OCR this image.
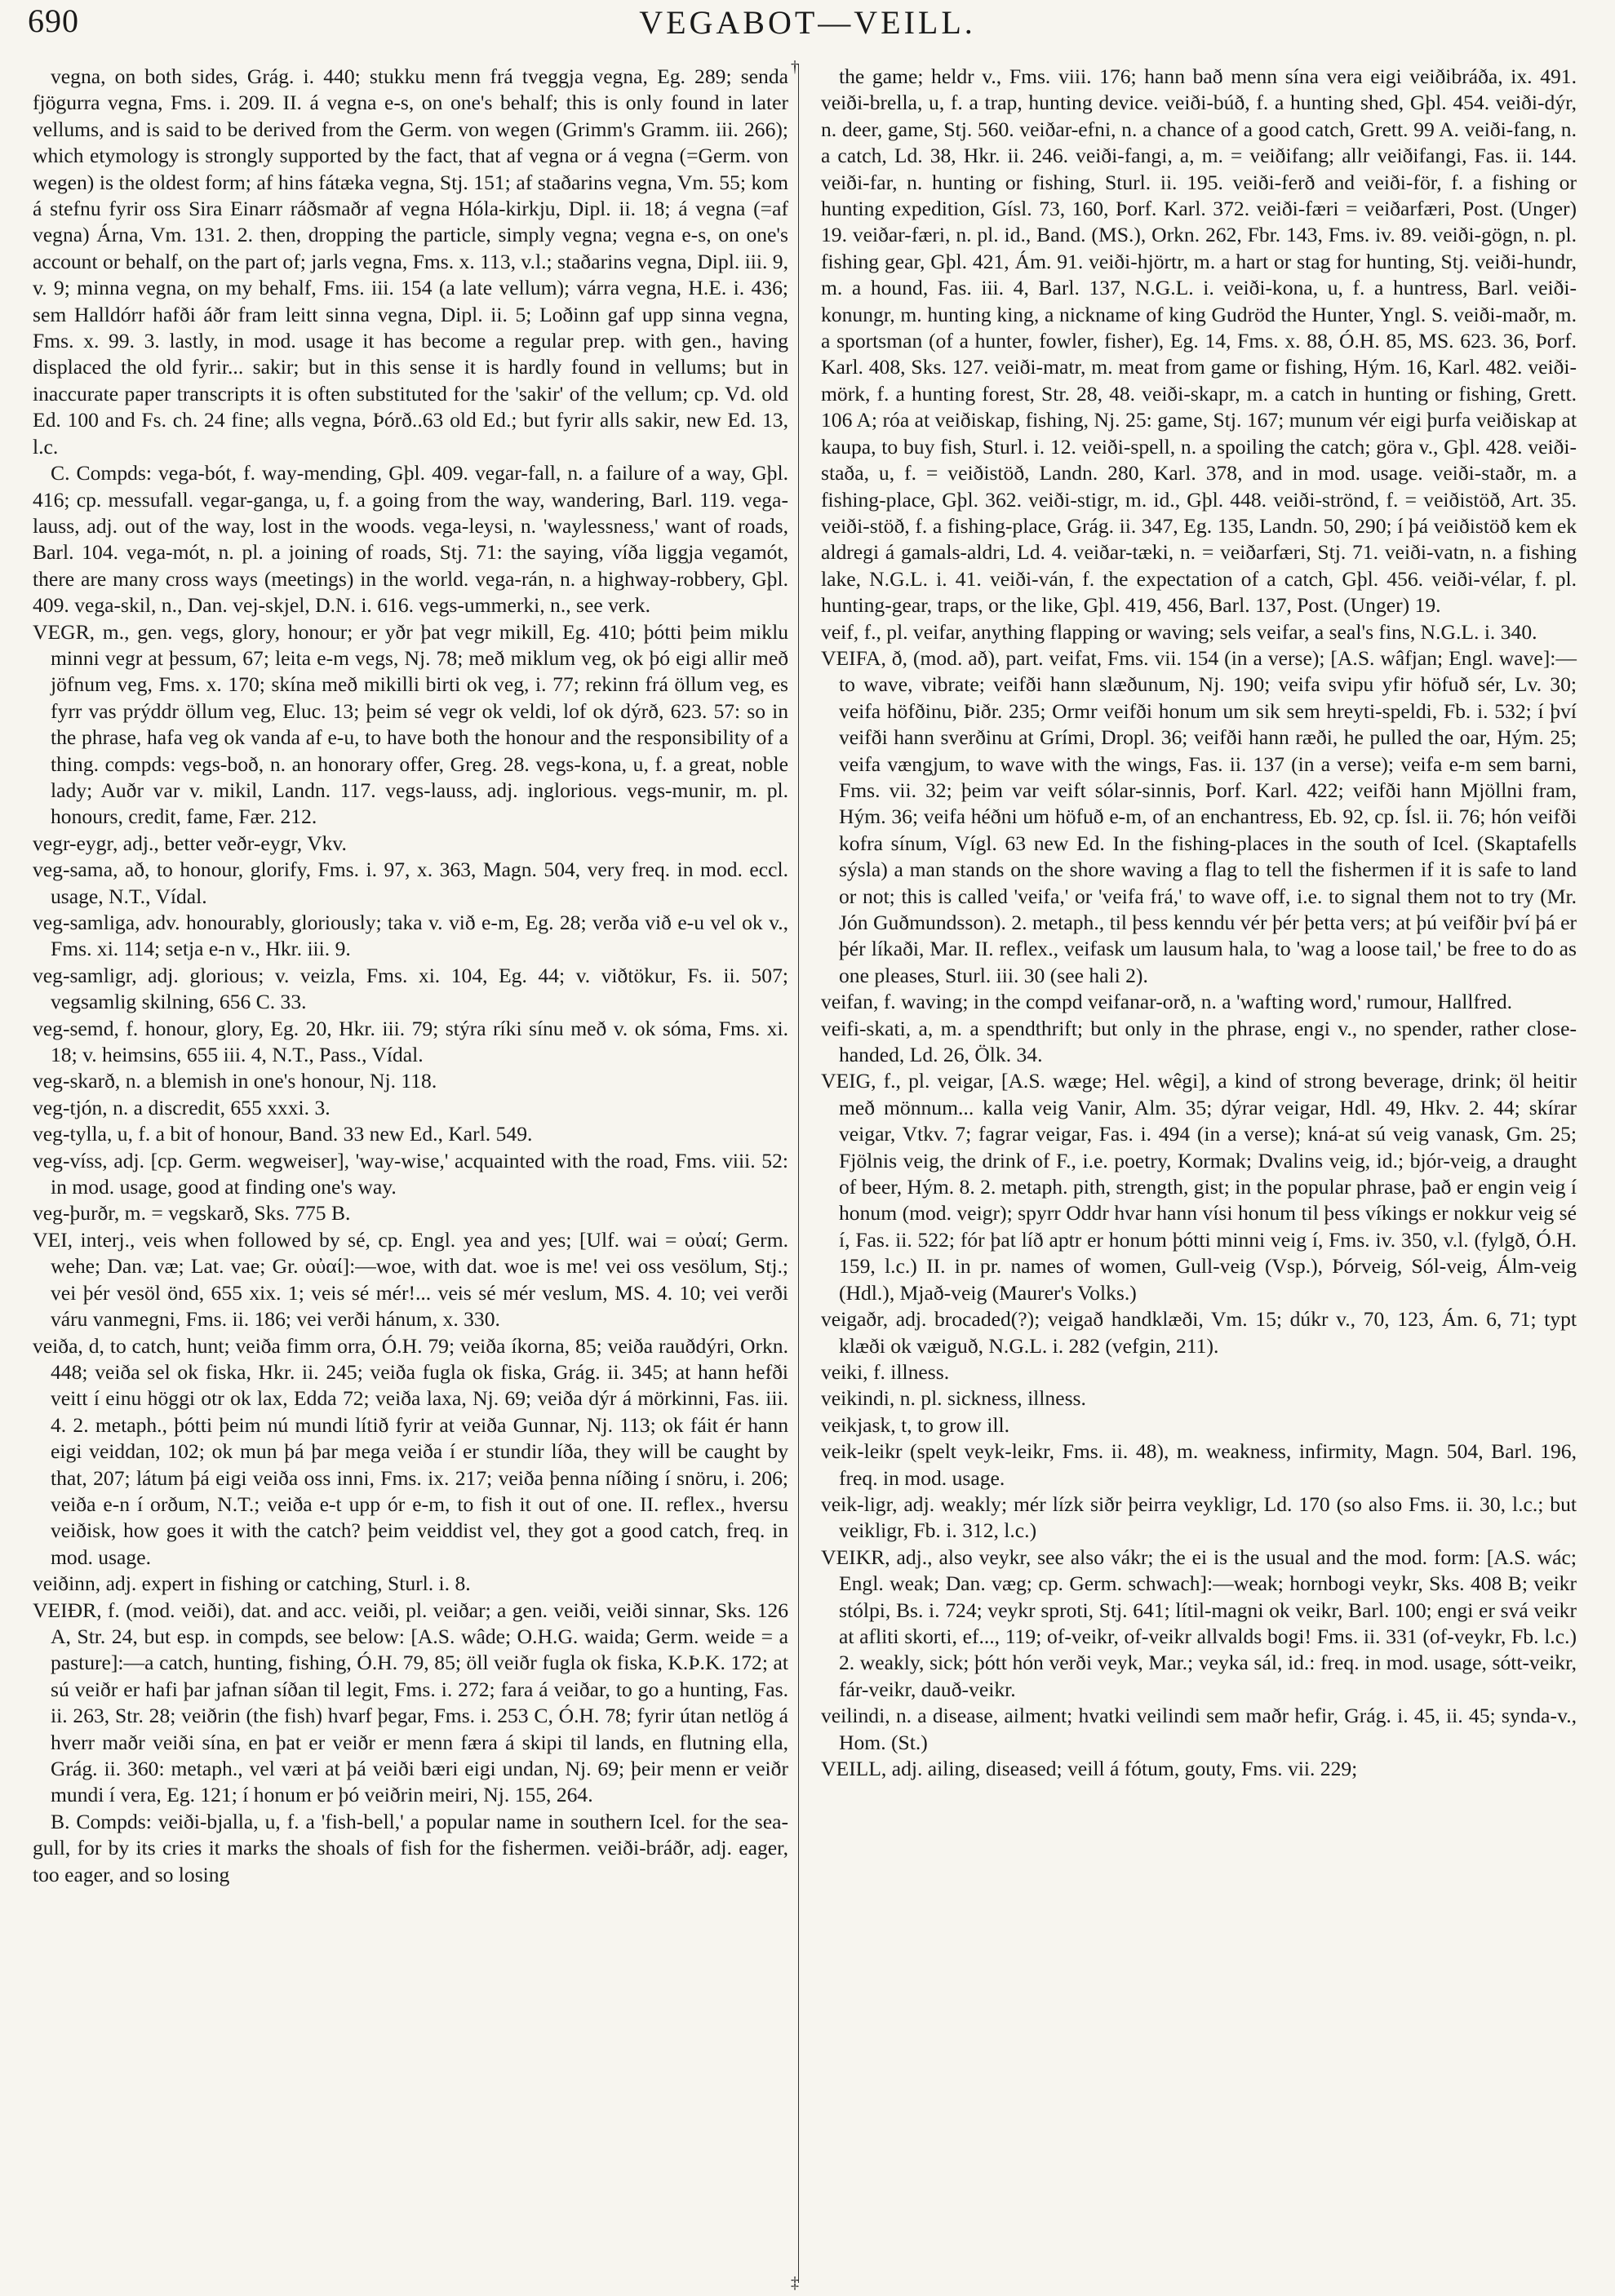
690	VEGABOT—VEILL.
†
‡

vegna, on both sides, Grág. i. 440; stukku menn frá tveggja vegna, Eg. 289; senda fjögurra vegna, Fms. i. 209. II. á vegna e-s, on one's behalf; this is only found in later vellums, and is said to be derived from the Germ. von wegen (Grimm's Gramm. iii. 266); which etymology is strongly supported by the fact, that af vegna or á vegna (=Germ. von wegen) is the oldest form; af hins fátæka vegna, Stj. 151; af staðarins vegna, Vm. 55; kom á stefnu fyrir oss Sira Einarr ráðsmaðr af vegna Hóla-kirkju, Dipl. ii. 18; á vegna (=af vegna) Árna, Vm. 131. 2. then, dropping the particle, simply vegna; vegna e-s, on one's account or behalf, on the part of; jarls vegna, Fms. x. 113, v.l.; staðarins vegna, Dipl. iii. 9, v. 9; minna vegna, on my behalf, Fms. iii. 154 (a late vellum); várra vegna, H.E. i. 436; sem Halldórr hafði áðr fram leitt sinna vegna, Dipl. ii. 5; Loðinn gaf upp sinna vegna, Fms. x. 99. 3. lastly, in mod. usage it has become a regular prep. with gen., having displaced the old fyrir... sakir; but in this sense it is hardly found in vellums; but in inaccurate paper transcripts it is often substituted for the 'sakir' of the vellum; cp. Vd. old Ed. 100 and Fs. ch. 24 fine; alls vegna, Þórð..63 old Ed.; but fyrir alls sakir, new Ed. 13, l.c.

C. Compds: vega-bót, f. way-mending, Gþl. 409. vegar-fall, n. a failure of a way, Gþl. 416; cp. messufall. vegar-ganga, u, f. a going from the way, wandering, Barl. 119. vega-lauss, adj. out of the way, lost in the woods. vega-leysi, n. 'waylessness,' want of roads, Barl. 104. vega-mót, n. pl. a joining of roads, Stj. 71: the saying, víða liggja vegamót, there are many cross ways (meetings) in the world. vega-rán, n. a highway-robbery, Gþl. 409. vega-skil, n., Dan. vej-skjel, D.N. i. 616. vegs-ummerki, n., see verk.

VEGR, m., gen. vegs, glory, honour; er yðr þat vegr mikill, Eg. 410; þótti þeim miklu minni vegr at þessum, 67; leita e-m vegs, Nj. 78; með miklum veg, ok þó eigi allir með jöfnum veg, Fms. x. 170; skína með mikilli birti ok veg, i. 77; rekinn frá öllum veg, es fyrr vas prýddr öllum veg, Eluc. 13; þeim sé vegr ok veldi, lof ok dýrð, 623. 57: so in the phrase, hafa veg ok vanda af e-u, to have both the honour and the responsibility of a thing. compds: vegs-boð, n. an honorary offer, Greg. 28. vegs-kona, u, f. a great, noble lady; Auðr var v. mikil, Landn. 117. vegs-lauss, adj. inglorious. vegs-munir, m. pl. honours, credit, fame, Fær. 212.

vegr-eygr, adj., better veðr-eygr, Vkv.

veg-sama, að, to honour, glorify, Fms. i. 97, x. 363, Magn. 504, very freq. in mod. eccl. usage, N.T., Vídal.

veg-samliga, adv. honourably, gloriously; taka v. við e-m, Eg. 28; verða við e-u vel ok v., Fms. xi. 114; setja e-n v., Hkr. iii. 9.

veg-samligr, adj. glorious; v. veizla, Fms. xi. 104, Eg. 44; v. viðtökur, Fs. ii. 507; vegsamlig skilning, 656 C. 33.

veg-semd, f. honour, glory, Eg. 20, Hkr. iii. 79; stýra ríki sínu með v. ok sóma, Fms. xi. 18; v. heimsins, 655 iii. 4, N.T., Pass., Vídal.

veg-skarð, n. a blemish in one's honour, Nj. 118.

veg-tjón, n. a discredit, 655 xxxi. 3.

veg-tylla, u, f. a bit of honour, Band. 33 new Ed., Karl. 549.

veg-víss, adj. [cp. Germ. wegweiser], 'way-wise,' acquainted with the road, Fms. viii. 52: in mod. usage, good at finding one's way.

veg-þurðr, m. = vegskarð, Sks. 775 B.

VEI, interj., veis when followed by sé, cp. Engl. yea and yes; [Ulf. wai = οὐαί; Germ. wehe; Dan. væ; Lat. vae; Gr. οὐαί]:—woe, with dat. woe is me! vei oss vesölum, Stj.; vei þér vesöl önd, 655 xix. 1; veis sé mér!... veis sé mér veslum, MS. 4. 10; vei verði váru vanmegni, Fms. ii. 186; vei verði hánum, x. 330.

veiða, d, to catch, hunt; veiða fimm orra, Ó.H. 79; veiða íkorna, 85; veiða rauðdýri, Orkn. 448; veiða sel ok fiska, Hkr. ii. 245; veiða fugla ok fiska, Grág. ii. 345; at hann hefði veitt í einu höggi otr ok lax, Edda 72; veiða laxa, Nj. 69; veiða dýr á mörkinni, Fas. iii. 4. 2. metaph., þótti þeim nú mundi lítið fyrir at veiða Gunnar, Nj. 113; ok fáit ér hann eigi veiddan, 102; ok mun þá þar mega veiða í er stundir líða, they will be caught by that, 207; látum þá eigi veiða oss inni, Fms. ix. 217; veiða þenna níðing í snöru, i. 206; veiða e-n í orðum, N.T.; veiða e-t upp ór e-m, to fish it out of one. II. reflex., hversu veiðisk, how goes it with the catch? þeim veiddist vel, they got a good catch, freq. in mod. usage.

veiðinn, adj. expert in fishing or catching, Sturl. i. 8.

VEIÐR, f. (mod. veiði), dat. and acc. veiði, pl. veiðar; a gen. veiði, veiði sinnar, Sks. 126 A, Str. 24, but esp. in compds, see below: [A.S. wâde; O.H.G. waida; Germ. weide = a pasture]:—a catch, hunting, fishing, Ó.H. 79, 85; öll veiðr fugla ok fiska, K.Þ.K. 172; at sú veiðr er hafi þar jafnan síðan til legit, Fms. i. 272; fara á veiðar, to go a hunting, Fas. ii. 263, Str. 28; veiðrin (the fish) hvarf þegar, Fms. i. 253 C, Ó.H. 78; fyrir útan netlög á hverr maðr veiði sína, en þat er veiðr er menn færa á skipi til lands, en flutning ella, Grág. ii. 360: metaph., vel væri at þá veiði bæri eigi undan, Nj. 69; þeir menn er veiðr mundi í vera, Eg. 121; í honum er þó veiðrin meiri, Nj. 155, 264.

B. Compds: veiði-bjalla, u, f. a 'fish-bell,' a popular name in southern Icel. for the sea-gull, for by its cries it marks the shoals of fish for the fishermen. veiði-bráðr, adj. eager, too eager, and so losing

the game; heldr v., Fms. viii. 176; hann bað menn sína vera eigi veiðibráða, ix. 491. veiði-brella, u, f. a trap, hunting device. veiði-búð, f. a hunting shed, Gþl. 454. veiði-dýr, n. deer, game, Stj. 560. veiðar-efni, n. a chance of a good catch, Grett. 99 A. veiði-fang, n. a catch, Ld. 38, Hkr. ii. 246. veiði-fangi, a, m. = veiðifang; allr veiðifangi, Fas. ii. 144. veiði-far, n. hunting or fishing, Sturl. ii. 195. veiði-ferð and veiði-för, f. a fishing or hunting expedition, Gísl. 73, 160, Þorf. Karl. 372. veiði-færi = veiðarfæri, Post. (Unger) 19. veiðar-færi, n. pl. id., Band. (MS.), Orkn. 262, Fbr. 143, Fms. iv. 89. veiði-gögn, n. pl. fishing gear, Gþl. 421, Ám. 91. veiði-hjörtr, m. a hart or stag for hunting, Stj. veiði-hundr, m. a hound, Fas. iii. 4, Barl. 137, N.G.L. i. veiði-kona, u, f. a huntress, Barl. veiði-konungr, m. hunting king, a nickname of king Gudröd the Hunter, Yngl. S. veiði-maðr, m. a sportsman (of a hunter, fowler, fisher), Eg. 14, Fms. x. 88, Ó.H. 85, MS. 623. 36, Þorf. Karl. 408, Sks. 127. veiði-matr, m. meat from game or fishing, Hým. 16, Karl. 482. veiði-mörk, f. a hunting forest, Str. 28, 48. veiði-skapr, m. a catch in hunting or fishing, Grett. 106 A; róa at veiðiskap, fishing, Nj. 25: game, Stj. 167; munum vér eigi þurfa veiðiskap at kaupa, to buy fish, Sturl. i. 12. veiði-spell, n. a spoiling the catch; göra v., Gþl. 428. veiði-staða, u, f. = veiðistöð, Landn. 280, Karl. 378, and in mod. usage. veiði-staðr, m. a fishing-place, Gþl. 362. veiði-stigr, m. id., Gþl. 448. veiði-strönd, f. = veiðistöð, Art. 35. veiði-stöð, f. a fishing-place, Grág. ii. 347, Eg. 135, Landn. 50, 290; í þá veiðistöð kem ek aldregi á gamals-aldri, Ld. 4. veiðar-tæki, n. = veiðarfæri, Stj. 71. veiði-vatn, n. a fishing lake, N.G.L. i. 41. veiði-ván, f. the expectation of a catch, Gþl. 456. veiði-vélar, f. pl. hunting-gear, traps, or the like, Gþl. 419, 456, Barl. 137, Post. (Unger) 19.

veif, f., pl. veifar, anything flapping or waving; sels veifar, a seal's fins, N.G.L. i. 340.

VEIFA, ð, (mod. að), part. veifat, Fms. vii. 154 (in a verse); [A.S. wâfjan; Engl. wave]:—to wave, vibrate; veifði hann slæðunum, Nj. 190; veifa svipu yfir höfuð sér, Lv. 30; veifa höfðinu, Þiðr. 235; Ormr veifði honum um sik sem hreyti-speldi, Fb. i. 532; í því veifði hann sverðinu at Grími, Dropl. 36; veifði hann ræði, he pulled the oar, Hým. 25; veifa vængjum, to wave with the wings, Fas. ii. 137 (in a verse); veifa e-m sem barni, Fms. vii. 32; þeim var veift sólar-sinnis, Þorf. Karl. 422; veifði hann Mjöllni fram, Hým. 36; veifa héðni um höfuð e-m, of an enchantress, Eb. 92, cp. Ísl. ii. 76; hón veifði kofra sínum, Vígl. 63 new Ed. In the fishing-places in the south of Icel. (Skaptafells sýsla) a man stands on the shore waving a flag to tell the fishermen if it is safe to land or not; this is called 'veifa,' or 'veifa frá,' to wave off, i.e. to signal them not to try (Mr. Jón Guðmundsson). 2. metaph., til þess kenndu vér þér þetta vers; at þú veifðir því þá er þér líkaði, Mar. II. reflex., veifask um lausum hala, to 'wag a loose tail,' be free to do as one pleases, Sturl. iii. 30 (see hali 2).

veifan, f. waving; in the compd veifanar-orð, n. a 'wafting word,' rumour, Hallfred.

veifi-skati, a, m. a spendthrift; but only in the phrase, engi v., no spender, rather close-handed, Ld. 26, Ölk. 34.

VEIG, f., pl. veigar, [A.S. wæge; Hel. wêgi], a kind of strong beverage, drink; öl heitir með mönnum... kalla veig Vanir, Alm. 35; dýrar veigar, Hdl. 49, Hkv. 2. 44; skírar veigar, Vtkv. 7; fagrar veigar, Fas. i. 494 (in a verse); kná-at sú veig vanask, Gm. 25; Fjölnis veig, the drink of F., i.e. poetry, Kormak; Dvalins veig, id.; bjór-veig, a draught of beer, Hým. 8. 2. metaph. pith, strength, gist; in the popular phrase, það er engin veig í honum (mod. veigr); spyrr Oddr hvar hann vísi honum til þess víkings er nokkur veig sé í, Fas. ii. 522; fór þat líð aptr er honum þótti minni veig í, Fms. iv. 350, v.l. (fylgð, Ó.H. 159, l.c.) II. in pr. names of women, Gull-veig (Vsp.), Þórveig, Sól-veig, Álm-veig (Hdl.), Mjað-veig (Maurer's Volks.)

veigaðr, adj. brocaded(?); veigað handklæði, Vm. 15; dúkr v., 70, 123, Ám. 6, 71; typt klæði ok væiguð, N.G.L. i. 282 (vefgin, 211).

veiki, f. illness.

veikindi, n. pl. sickness, illness.

veikjask, t, to grow ill.

veik-leikr (spelt veyk-leikr, Fms. ii. 48), m. weakness, infirmity, Magn. 504, Barl. 196, freq. in mod. usage.

veik-ligr, adj. weakly; mér lízk siðr þeirra veykligr, Ld. 170 (so also Fms. ii. 30, l.c.; but veikligr, Fb. i. 312, l.c.)

VEIKR, adj., also veykr, see also vákr; the ei is the usual and the mod. form: [A.S. wác; Engl. weak; Dan. væg; cp. Germ. schwach]:—weak; hornbogi veykr, Sks. 408 B; veikr stólpi, Bs. i. 724; veykr sproti, Stj. 641; lítil-magni ok veikr, Barl. 100; engi er svá veikr at afliti skorti, ef..., 119; of-veikr, of-veikr allvalds bogi! Fms. ii. 331 (of-veykr, Fb. l.c.) 2. weakly, sick; þótt hón verði veyk, Mar.; veyka sál, id.: freq. in mod. usage, sótt-veikr, fár-veikr, dauð-veikr.

veilindi, n. a disease, ailment; hvatki veilindi sem maðr hefir, Grág. i. 45, ii. 45; synda-v., Hom. (St.)

VEILL, adj. ailing, diseased; veill á fótum, gouty, Fms. vii. 229;
